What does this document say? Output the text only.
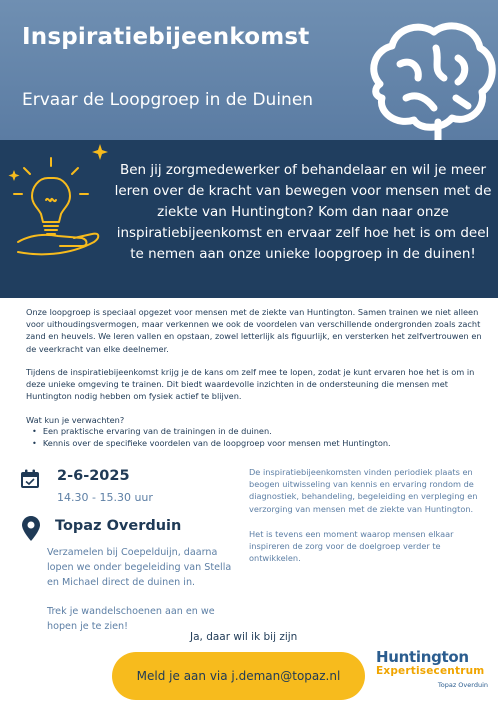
Inspiratiebijeenkomst
Ervaar de Loopgroep in de Duinen
Ben jij zorgmedewerker of behandelaar en wil je meer leren over de kracht van bewegen voor mensen met de ziekte van Huntington? Kom dan naar onze inspiratiebijeenkomst en ervaar zelf hoe het is om deel te nemen aan onze unieke loopgroep in de duinen!
Onze loopgroep is speciaal opgezet voor mensen met de ziekte van Huntington. Samen trainen we niet alleen voor uithoudingsvermogen, maar verkennen we ook de voordelen van verschillende ondergronden zoals zacht zand en heuvels. We leren vallen en opstaan, zowel letterlijk als figuurlijk, en versterken het zelfvertrouwen en de veerkracht van elke deelnemer.
Tijdens de inspiratiebijeenkomst krijg je de kans om zelf mee te lopen, zodat je kunt ervaren hoe het is om in deze unieke omgeving te trainen. Dit biedt waardevolle inzichten in de ondersteuning die mensen met Huntington nodig hebben om fysiek actief te blijven.
Wat kun je verwachten?
• Een praktische ervaring van de trainingen in de duinen.
• Kennis over de specifieke voordelen van de loopgroep voor mensen met Huntington.
2-6-2025
14.30 - 15.30 uur
Topaz Overduin
Verzamelen bij Coepelduijn, daarna lopen we onder begeleiding van Stella en Michael direct de duinen in.
Trek je wandelschoenen aan en we hopen je te zien!
De inspiratiebijeenkomsten vinden periodiek plaats en beogen uitwisseling van kennis en ervaring rondom de diagnostiek, behandeling, begeleiding en verpleging en verzorging van mensen met de ziekte van Huntington.
Het is tevens een moment waarop mensen elkaar inspireren de zorg voor de doelgroep verder te ontwikkelen.
Ja, daar wil ik bij zijn
Meld je aan via j.deman@topaz.nl
Huntington
Expertisecentrum
Topaz Overduin
